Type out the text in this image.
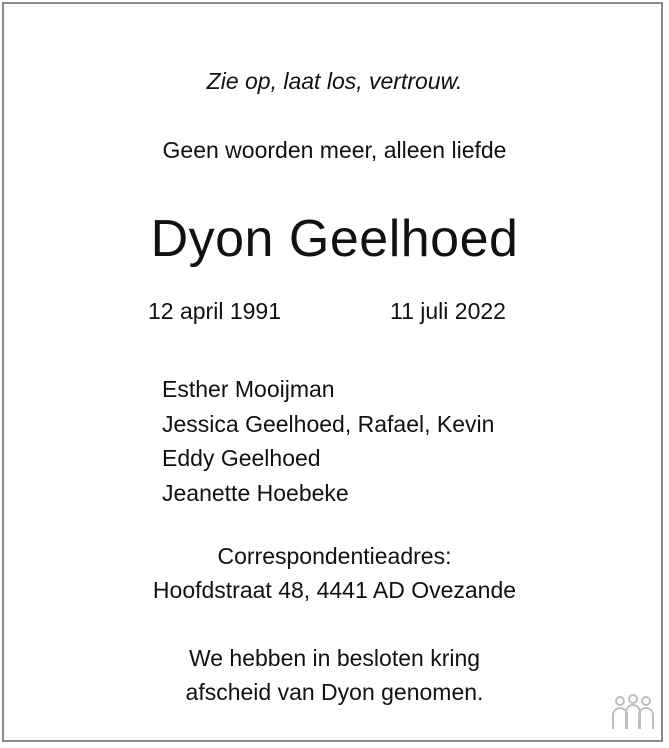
Zie op, laat los, vertrouw.
Geen woorden meer, alleen liefde
Dyon Geelhoed
12 april 1991	11 juli 2022
Esther Mooijman
Jessica Geelhoed, Rafael, Kevin
Eddy Geelhoed
Jeanette Hoebeke
Correspondentieadres:
Hoofdstraat 48, 4441 AD Ovezande
We hebben in besloten kring
afscheid van Dyon genomen.
